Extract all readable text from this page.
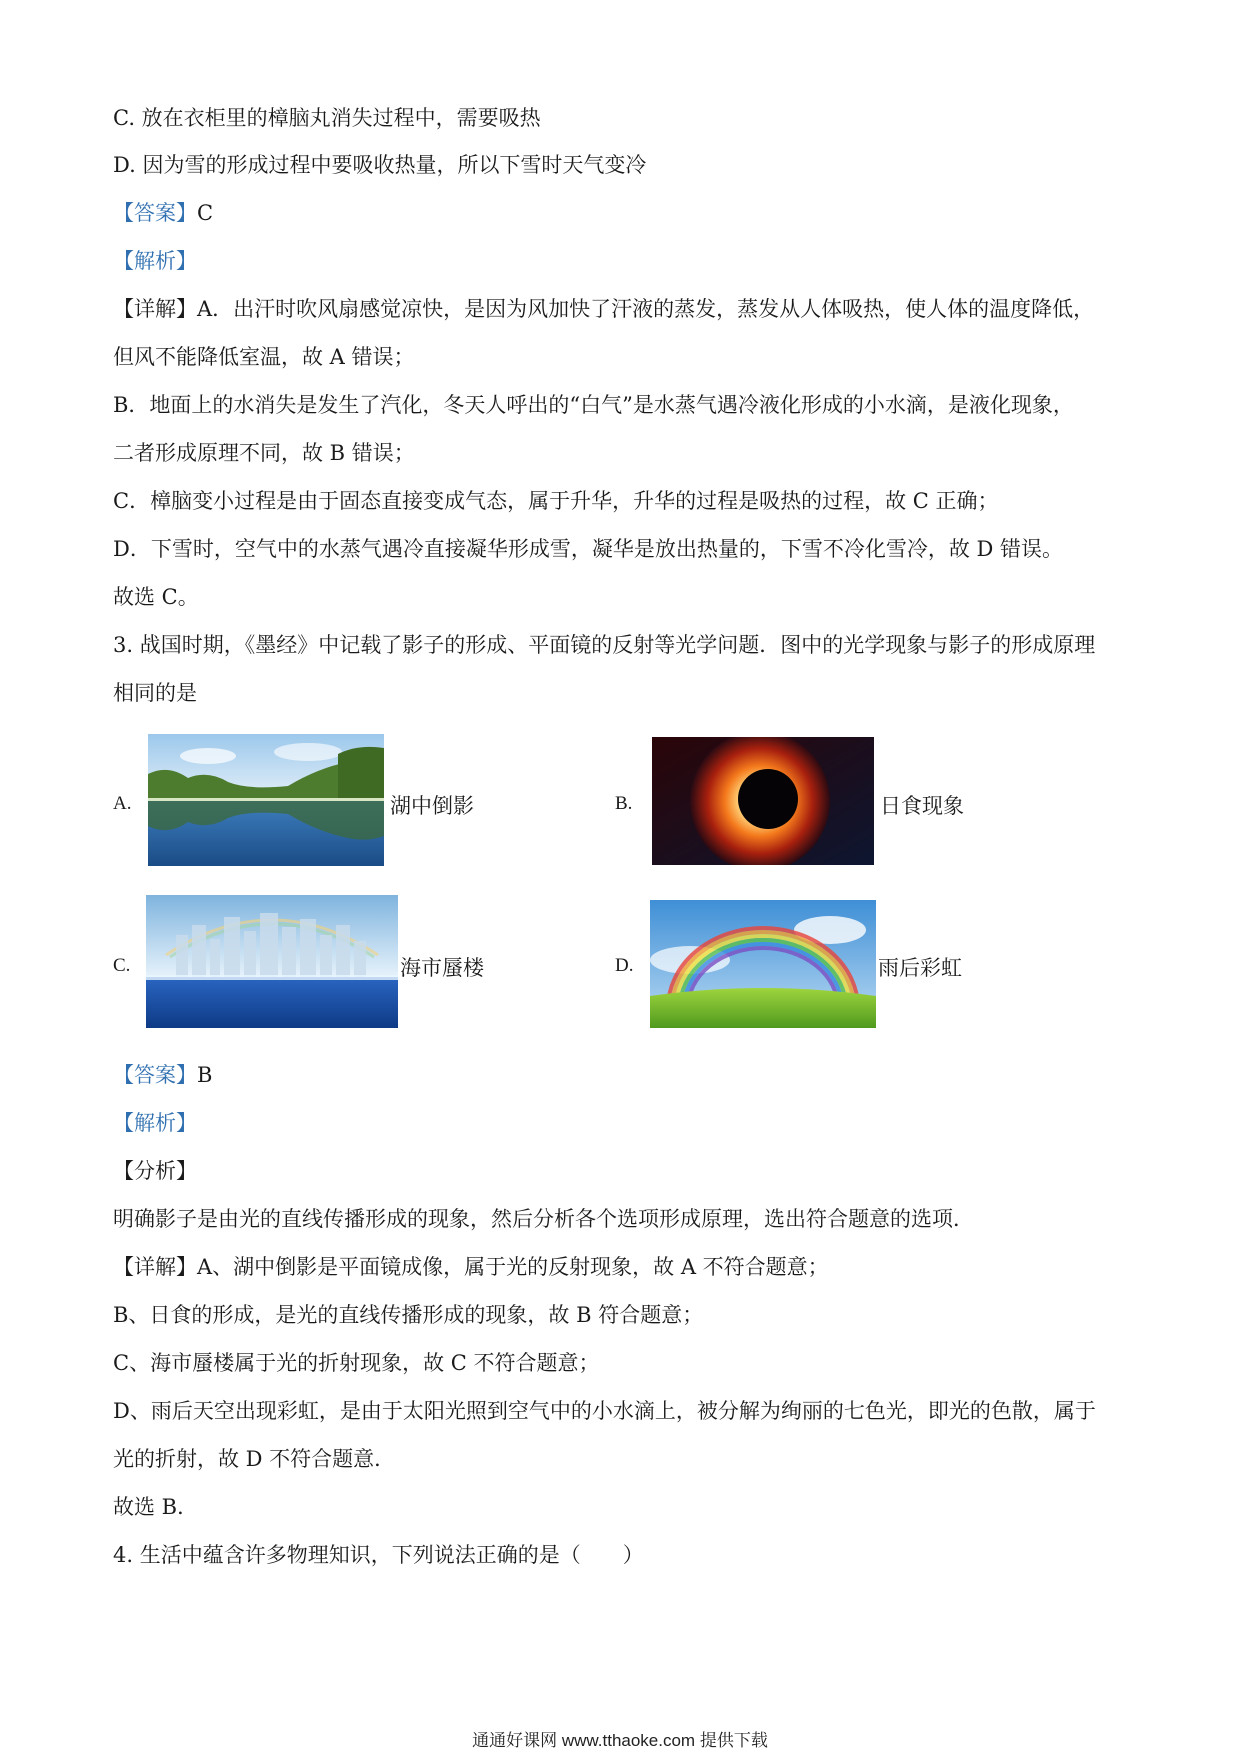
C. 放在衣柜里的樟脑丸消失过程中，需要吸热
D. 因为雪的形成过程中要吸收热量，所以下雪时天气变冷
【答案】C
【解析】
【详解】A．出汗时吹风扇感觉凉快，是因为风加快了汗液的蒸发，蒸发从人体吸热，使人体的温度降低，
但风不能降低室温，故 A 错误；
B．地面上的水消失是发生了汽化，冬天人呼出的“白气”是水蒸气遇冷液化形成的小水滴，是液化现象，
二者形成原理不同，故 B 错误；
C．樟脑变小过程是由于固态直接变成气态，属于升华，升华的过程是吸热的过程，故 C 正确；
D．下雪时，空气中的水蒸气遇冷直接凝华形成雪，凝华是放出热量的，下雪不冷化雪冷，故 D 错误。
故选 C。
3. 战国时期，《墨经》中记载了影子的形成、平面镜的反射等光学问题．图中的光学现象与影子的形成原理
相同的是
A.	湖中倒影	B.	日食现象
C.	海市蜃楼	D.	雨后彩虹
【答案】B
【解析】
【分析】
明确影子是由光的直线传播形成的现象，然后分析各个选项形成原理，选出符合题意的选项．
【详解】A、湖中倒影是平面镜成像，属于光的反射现象，故 A 不符合题意；
B、日食的形成，是光的直线传播形成的现象，故 B 符合题意；
C、海市蜃楼属于光的折射现象，故 C 不符合题意；
D、雨后天空出现彩虹，是由于太阳光照到空气中的小水滴上，被分解为绚丽的七色光，即光的色散，属于
光的折射，故 D 不符合题意．
故选 B．
4. 生活中蕴含许多物理知识，下列说法正确的是（　　）
通通好课网 www.tthaoke.com 提供下载
